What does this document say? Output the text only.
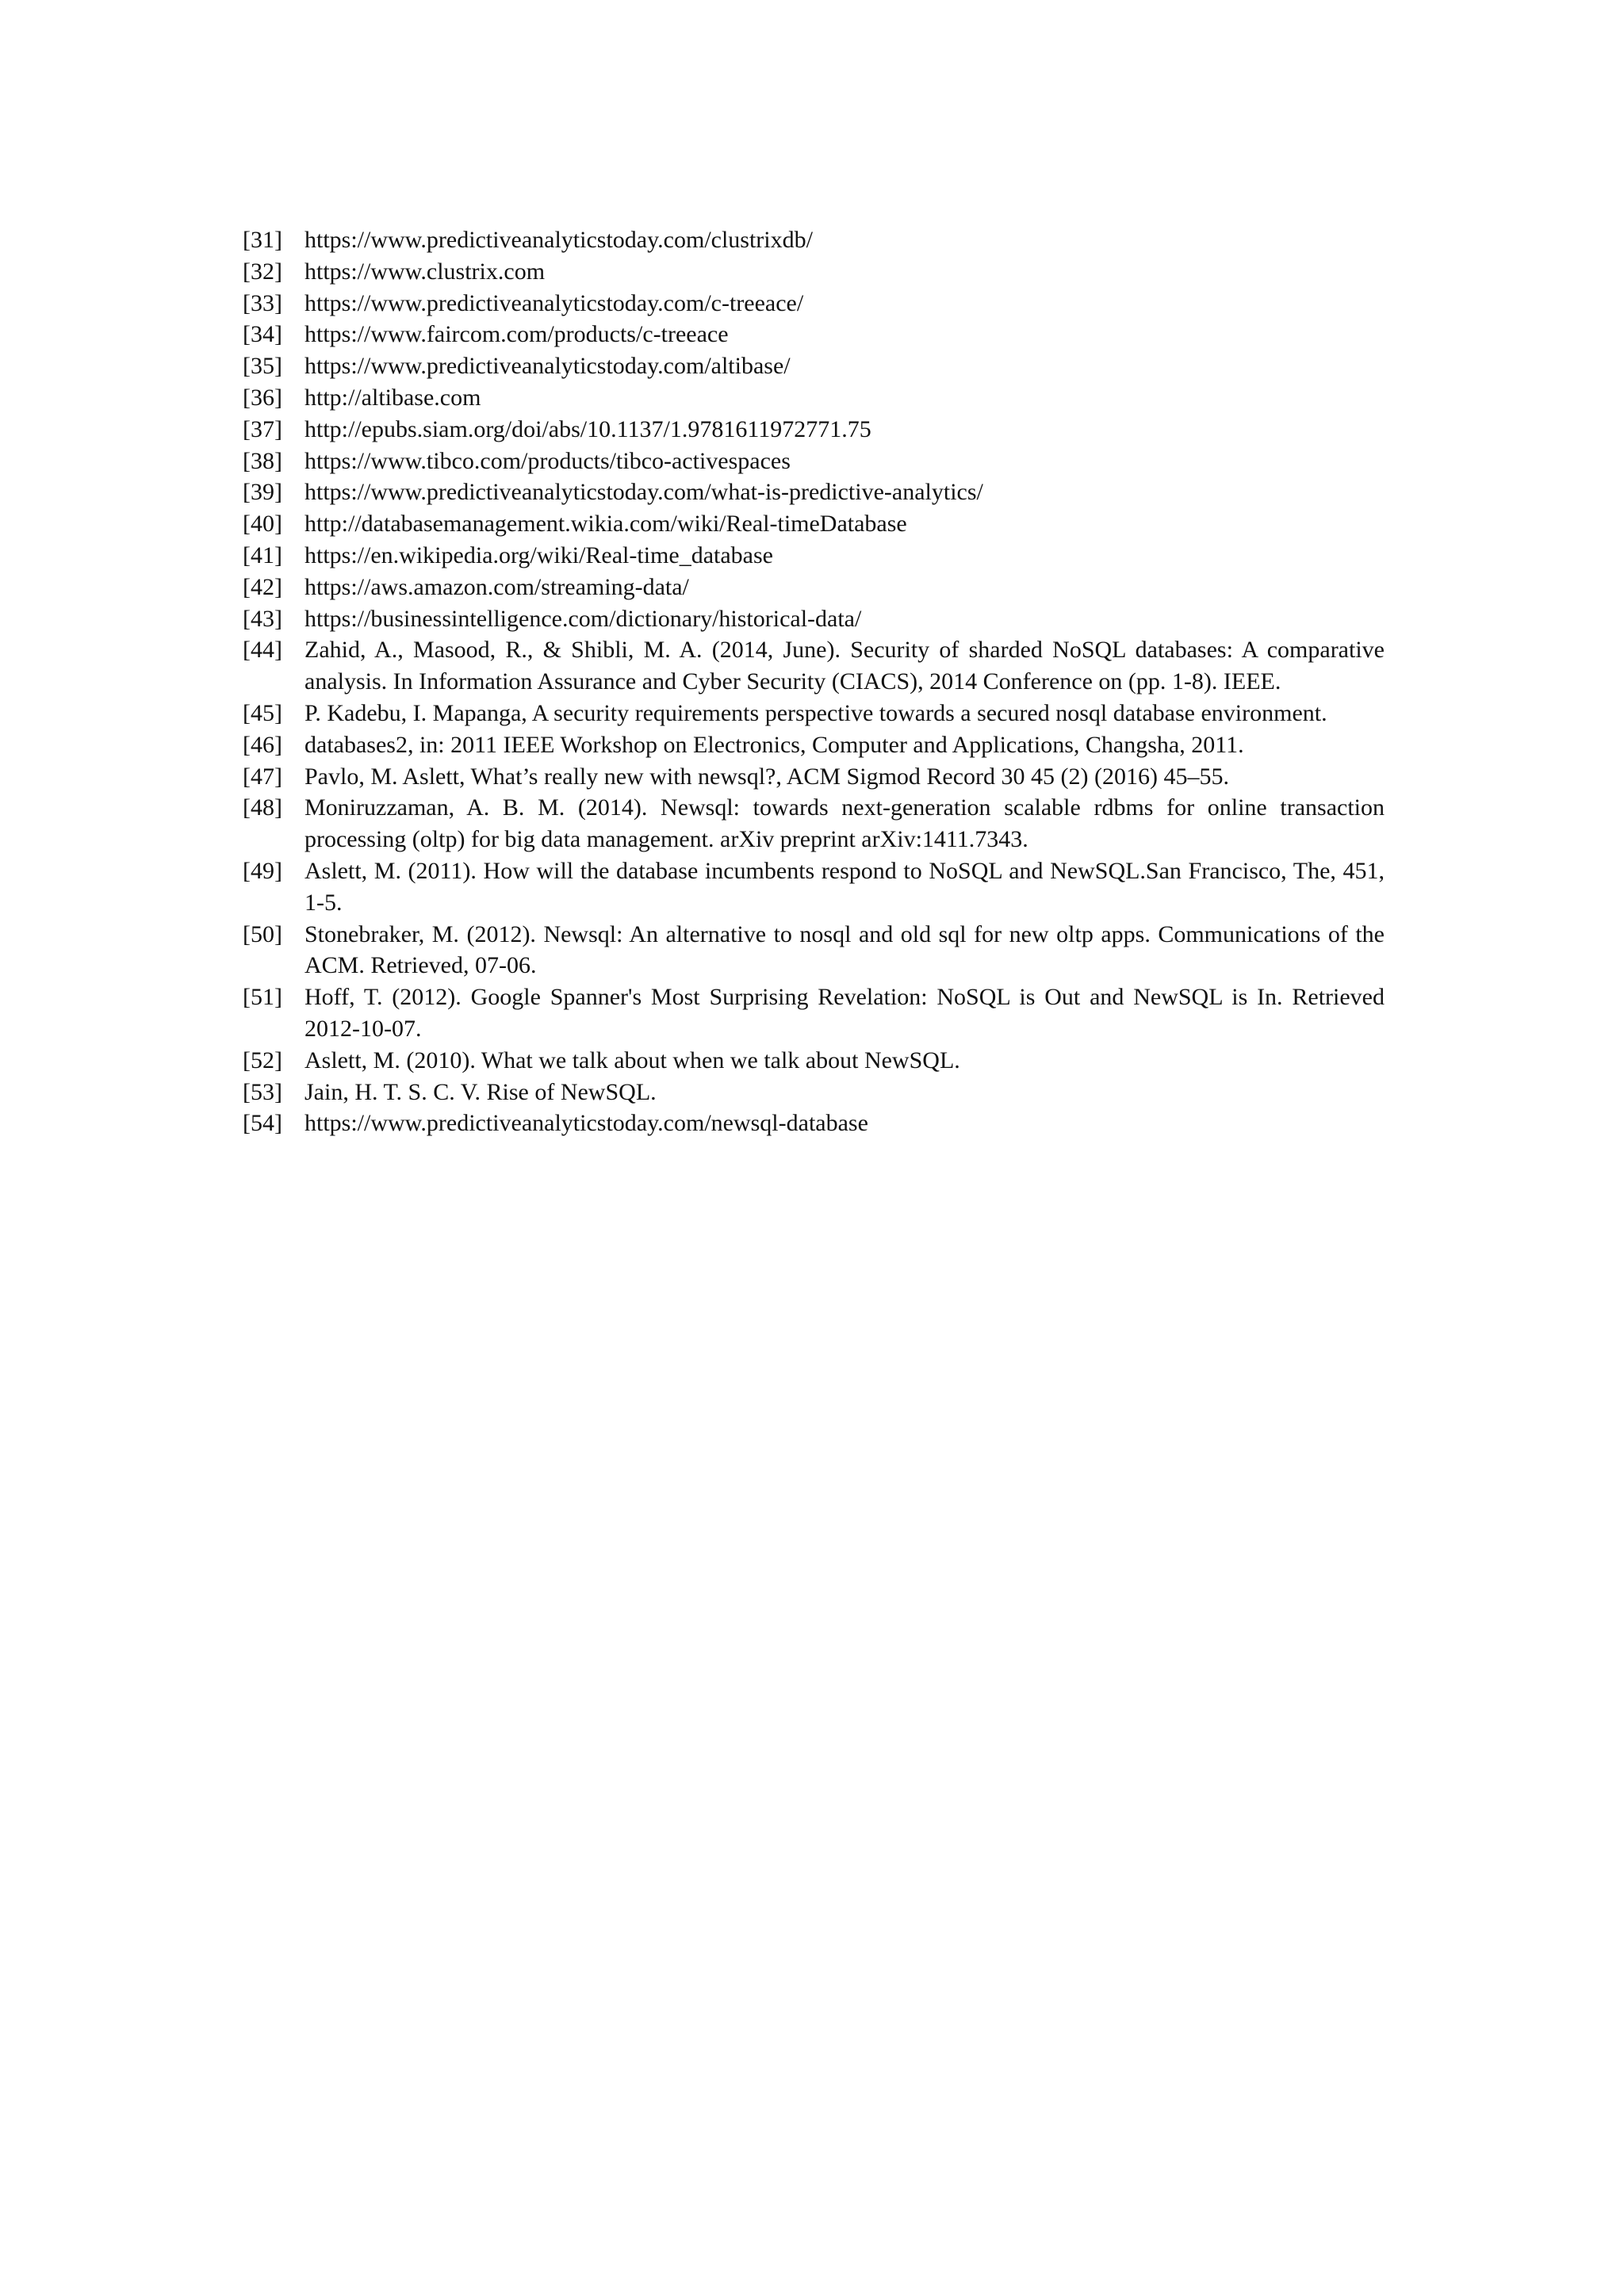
[31] https://www.predictiveanalyticstoday.com/clustrixdb/
[32] https://www.clustrix.com
[33] https://www.predictiveanalyticstoday.com/c-treeace/
[34] https://www.faircom.com/products/c-treeace
[35] https://www.predictiveanalyticstoday.com/altibase/
[36] http://altibase.com
[37] http://epubs.siam.org/doi/abs/10.1137/1.9781611972771.75
[38] https://www.tibco.com/products/tibco-activespaces
[39] https://www.predictiveanalyticstoday.com/what-is-predictive-analytics/
[40] http://databasemanagement.wikia.com/wiki/Real-timeDatabase
[41] https://en.wikipedia.org/wiki/Real-time_database
[42] https://aws.amazon.com/streaming-data/
[43] https://businessintelligence.com/dictionary/historical-data/
[44] Zahid, A., Masood, R., & Shibli, M. A. (2014, June). Security of sharded NoSQL databases: A comparative analysis. In Information Assurance and Cyber Security (CIACS), 2014 Conference on (pp. 1-8). IEEE.
[45] P. Kadebu, I. Mapanga, A security requirements perspective towards a secured nosql database environment.
[46] databases2, in: 2011 IEEE Workshop on Electronics, Computer and Applications, Changsha, 2011.
[47] Pavlo, M. Aslett, What’s really new with newsql?, ACM Sigmod Record 30 45 (2) (2016) 45–55.
[48] Moniruzzaman, A. B. M. (2014). Newsql: towards next-generation scalable rdbms for online transaction processing (oltp) for big data management. arXiv preprint arXiv:1411.7343.
[49] Aslett, M. (2011). How will the database incumbents respond to NoSQL and NewSQL.San Francisco, The, 451, 1-5.
[50] Stonebraker, M. (2012). Newsql: An alternative to nosql and old sql for new oltp apps. Communications of the ACM. Retrieved, 07-06.
[51] Hoff, T. (2012). Google Spanner's Most Surprising Revelation: NoSQL is Out and NewSQL is In. Retrieved 2012-10-07.
[52] Aslett, M. (2010). What we talk about when we talk about NewSQL.
[53] Jain, H. T. S. C. V. Rise of NewSQL.
[54] https://www.predictiveanalyticstoday.com/newsql-database
